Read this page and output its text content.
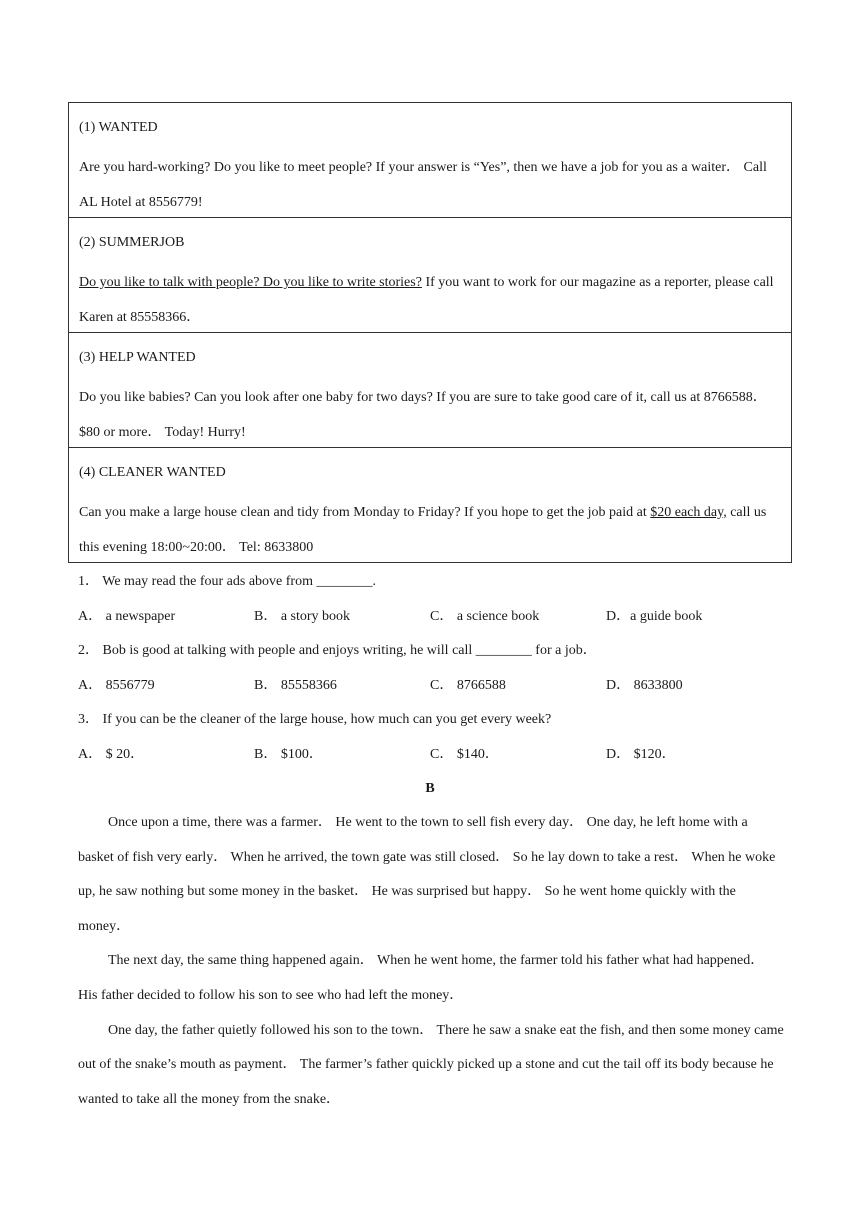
(1) WANTED
Are you hard-working? Do you like to meet people? If your answer is “Yes”, then we have a job for you as a waiter． Call AL Hotel at 8556779!
(2) SUMMERJOB
Do you like to talk with people? Do you like to write stories? If you want to work for our magazine as a reporter, please call Karen at 85558366．
(3) HELP WANTED
Do you like babies? Can you look after one baby for two days? If you are sure to take good care of it, call us at 8766588． $80 or more． Today! Hurry!
(4) CLEANER WANTED
Can you make a large house clean and tidy from Monday to Friday? If you hope to get the job paid at $20 each day, call us this evening 18:00~20:00． Tel: 8633800
1． We may read the four ads above from ________.
A． a newspaper	B． a story book	C． a science book	D．a guide book
2． Bob is good at talking with people and enjoys writing, he will call ________ for a job．
A． 8556779	B． 85558366	C． 8766588	D． 8633800
3． If you can be the cleaner of the large house, how much can you get every week?
A． $ 20．	B． $100．	C． $140．	D． $120．
B

Once upon a time, there was a farmer． He went to the town to sell fish every day． One day, he left home with a basket of fish very early． When he arrived, the town gate was still closed． So he lay down to take a rest． When he woke up, he saw nothing but some money in the basket． He was surprised but happy． So he went home quickly with the money．

The next day, the same thing happened again． When he went home, the farmer told his father what had happened． His father decided to follow his son to see who had left the money．

One day, the father quietly followed his son to the town． There he saw a snake eat the fish, and then some money came out of the snake’s mouth as payment． The farmer’s father quickly picked up a stone and cut the tail off its body because he wanted to take all the money from the snake．
